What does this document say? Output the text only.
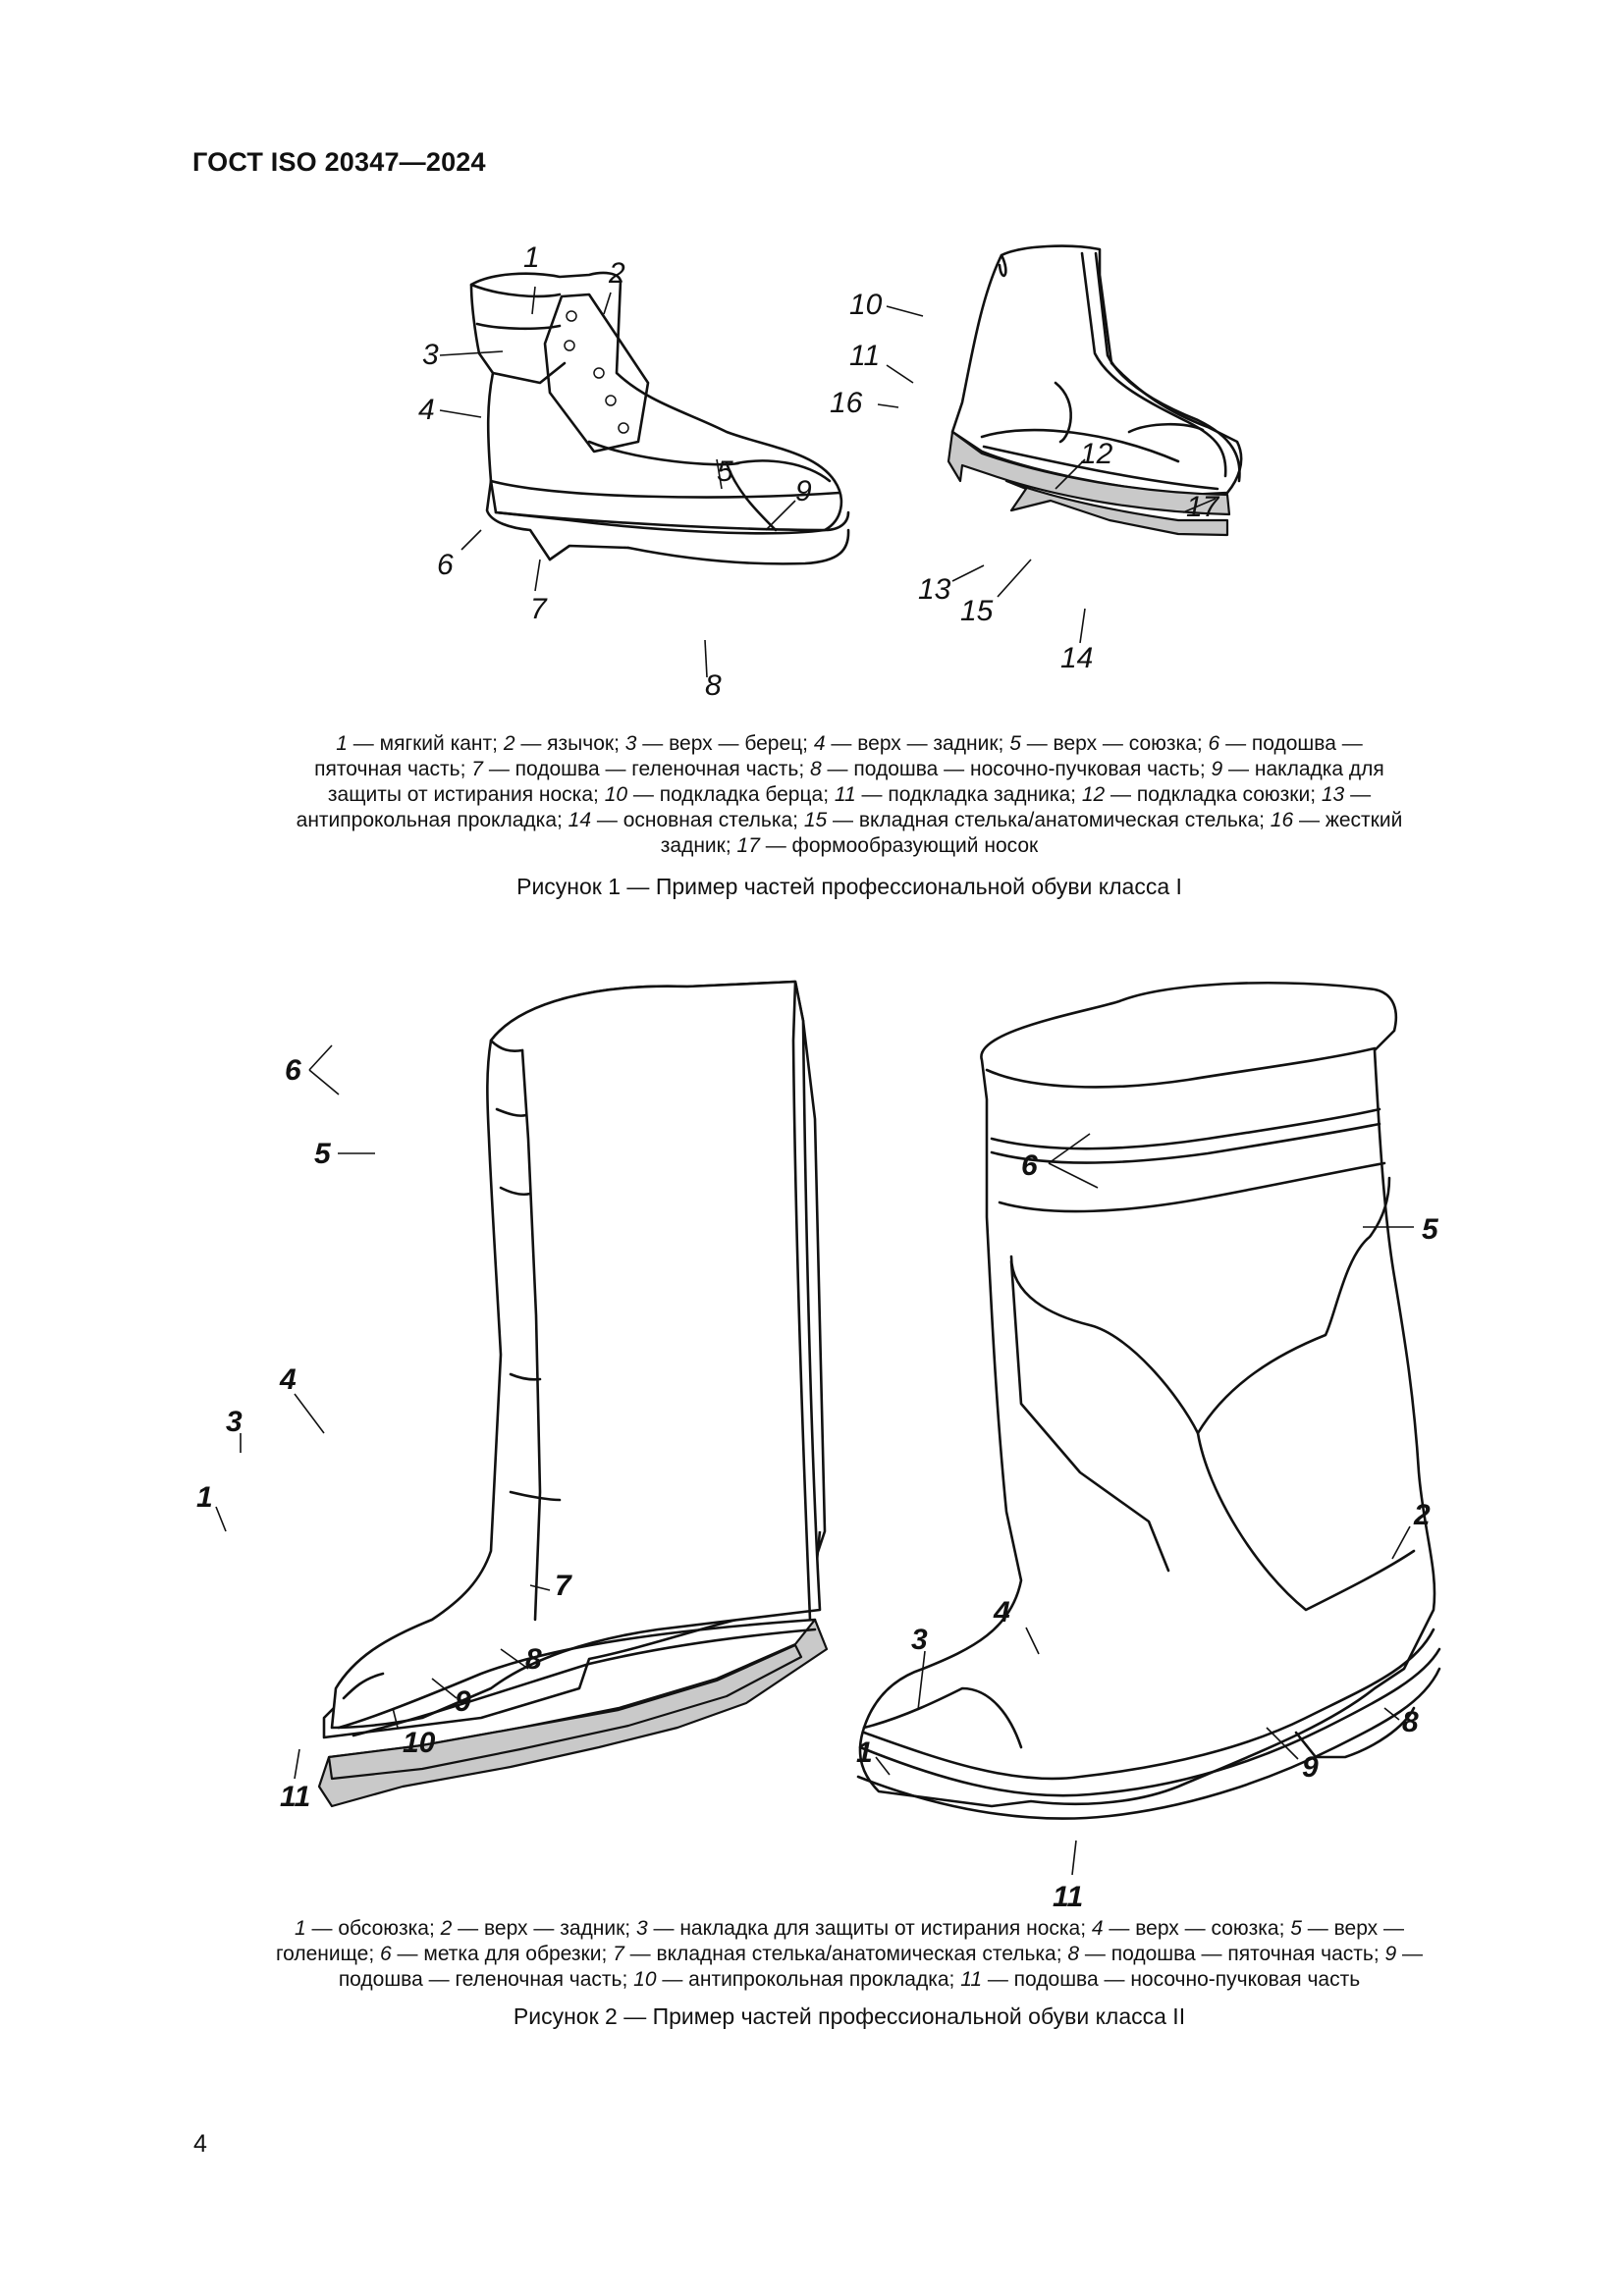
ГОСТ ISO 20347—2024
1 2
3
4
5
6
7
8
9
10
11
16
12
17
13
15
14
1 — мягкий кант; 2 — язычок; 3 — верх — берец; 4 — верх — задник; 5 — верх — союзка; 6 — подошва — пяточная часть; 7 — подошва — геленочная часть; 8 — подошва — носочно-пучковая часть; 9 — накладка для защиты от истирания носка; 10 — подкладка берца; 11 — подкладка задника; 12 — подкладка союзки; 13 — антипрокольная прокладка; 14 — основная стелька; 15 — вкладная стелька/анатомическая стелька; 16 — жесткий задник; 17 — формообразующий носок
Рисунок 1 — Пример частей профессиональной обуви класса I
6
5
4
3
1
7
8
9
10
11
6
5
2
4
3
1
8
9
11
1 — обсоюзка; 2 — верх — задник; 3 — накладка для защиты от истирания носка; 4 — верх — союзка; 5 — верх — голенище; 6 — метка для обрезки; 7 — вкладная стелька/анатомическая стелька; 8 — подошва — пяточная часть; 9 — подошва — геленочная часть; 10 — антипрокольная прокладка; 11 — подошва — носочно-пучковая часть
Рисунок 2 — Пример частей профессиональной обуви класса II
4
